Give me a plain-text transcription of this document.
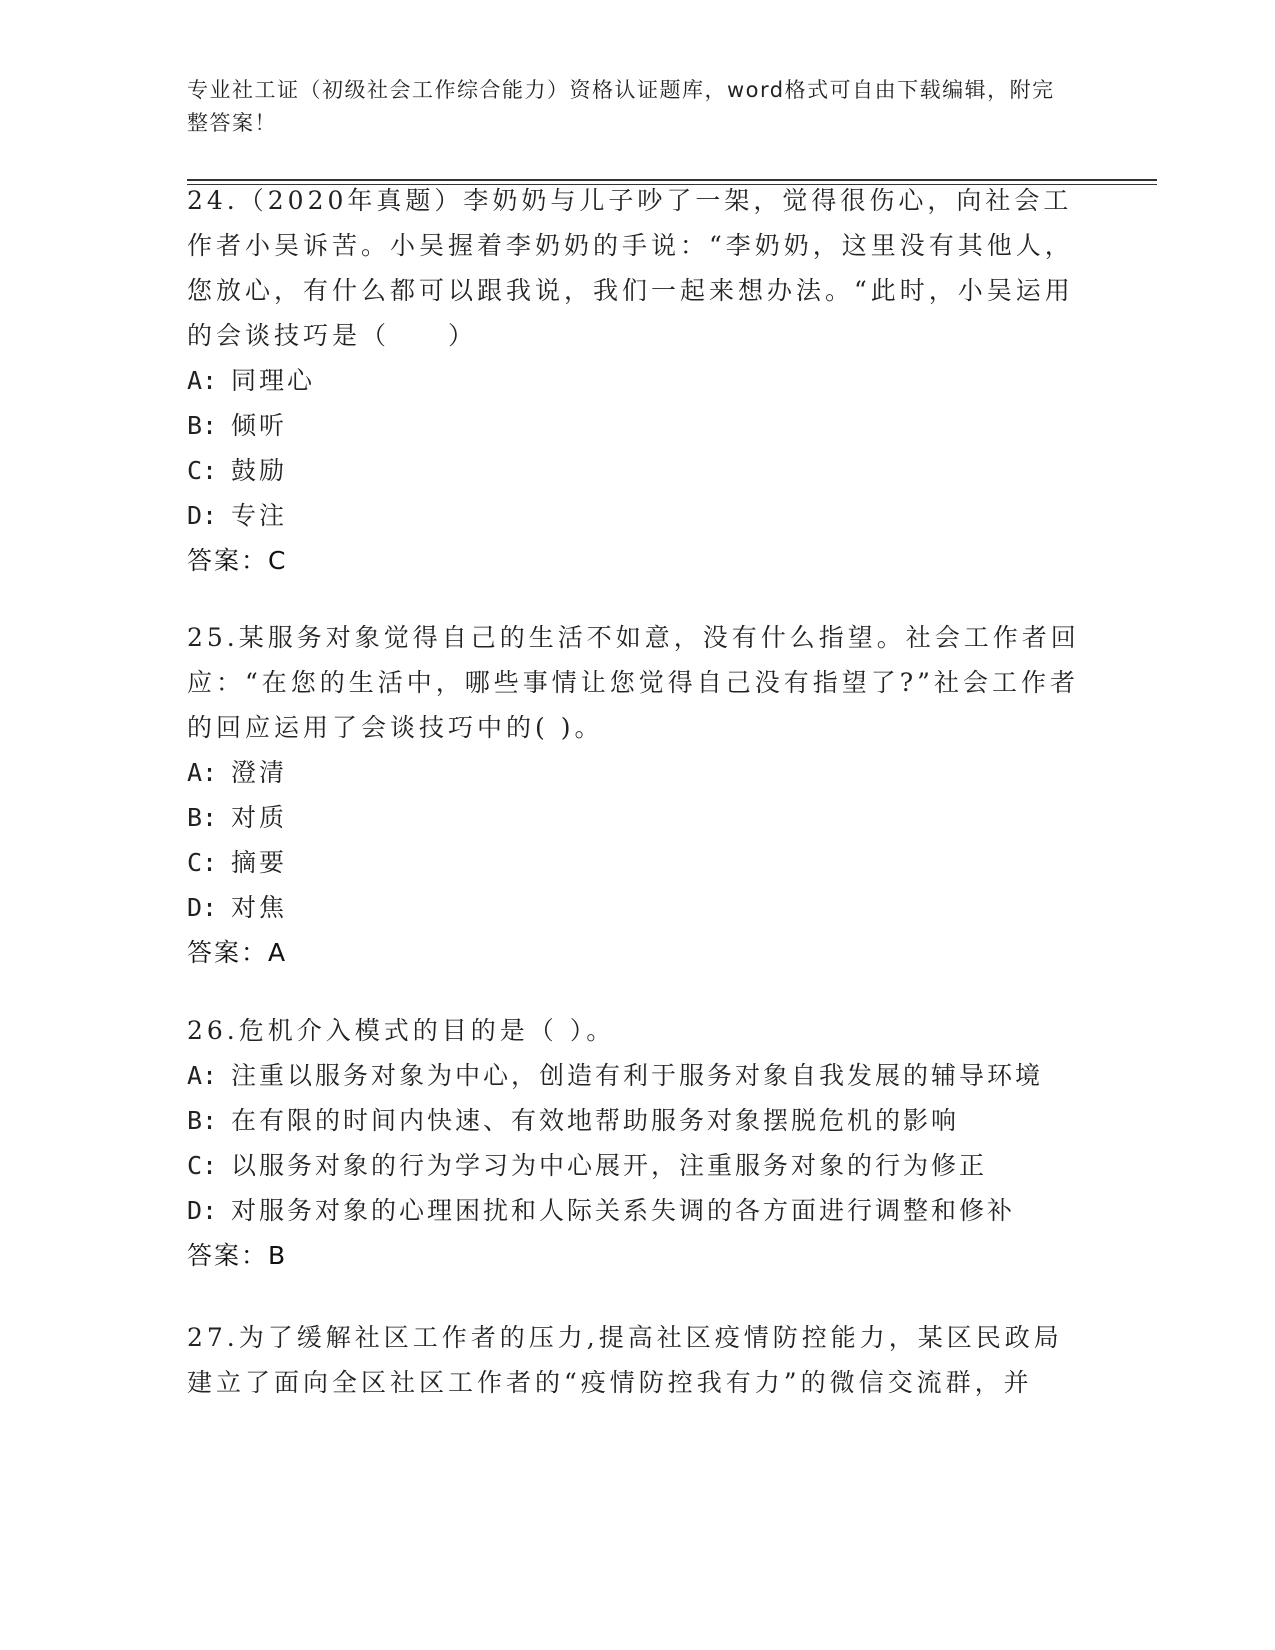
专业社工证（初级社会工作综合能力）资格认证题库，word格式可自由下载编辑，附完整答案！

24.（2020年真题）李奶奶与儿子吵了一架，觉得很伤心，向社会工作者小吴诉苦。小吴握着李奶奶的手说：“李奶奶，这里没有其他人，您放心，有什么都可以跟我说，我们一起来想办法。“此时，小吴运用的会谈技巧是（　　）

A: 同理心

B: 倾听

C: 鼓励

D: 专注

答案：C

25.某服务对象觉得自己的生活不如意，没有什么指望。社会工作者回应：“在您的生活中，哪些事情让您觉得自己没有指望了?”社会工作者的回应运用了会谈技巧中的( )。

A: 澄清

B: 对质

C: 摘要

D: 对焦

答案：A

26.危机介入模式的目的是（ ）。

A: 注重以服务对象为中心，创造有利于服务对象自我发展的辅导环境

B: 在有限的时间内快速、有效地帮助服务对象摆脱危机的影响

C: 以服务对象的行为学习为中心展开，注重服务对象的行为修正

D: 对服务对象的心理困扰和人际关系失调的各方面进行调整和修补

答案：B

27.为了缓解社区工作者的压力,提高社区疫情防控能力，某区民政局建立了面向全区社区工作者的“疫情防控我有力”的微信交流群，并
